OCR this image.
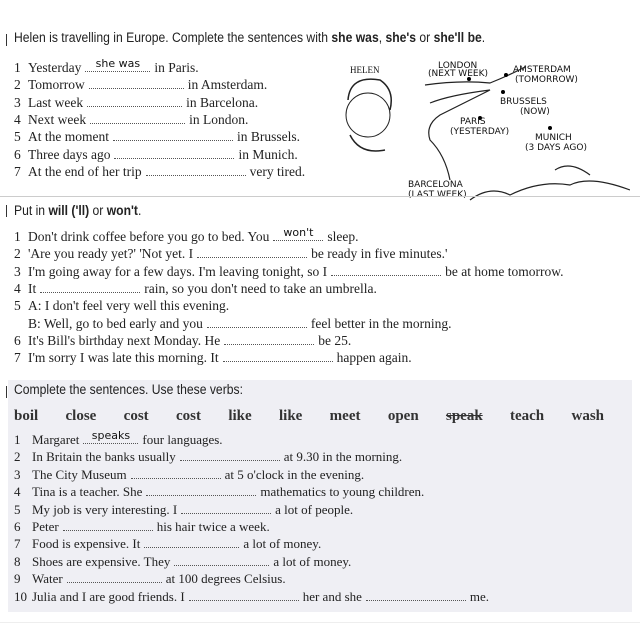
Helen is travelling in Europe. Complete the sentences with she was, she's or she'll be.
1 Yesterday	she was	in Paris.
2 Tomorrow	in Amsterdam.
3 Last week	in Barcelona.
4 Next week	in London.
5 At the moment	in Brussels.
6 Three days ago	in Munich.
7 At the end of her trip	very tired.
HELEN	LONDON
(NEXT WEEK)	AMSTERDAM
(TOMORROW)
BRUSSELS
(NOW)
PARIS
(YESTERDAY)
MUNICH
(3 DAYS AGO)
BARCELONA
(LAST WEEK)
Put in will ('ll) or won't.
1 Don't drink coffee before you go to bed. You	won't	sleep.
2 'Are you ready yet?' 'Not yet. I	be ready in five minutes.'
3 I'm going away for a few days. I'm leaving tonight, so I	be at home tomorrow.
4 It	rain, so you don't need to take an umbrella.
5 A: I don't feel very well this evening.
B: Well, go to bed early and you	feel better in the morning.
6 It's Bill's birthday next Monday. He	be 25.
7 I'm sorry I was late this morning. It	happen again.
Complete the sentences. Use these verbs:
boil close cost cost like like meet open speak teach wash
1 Margaret	speaks four languages.
2 In Britain the banks usually	at 9.30 in the morning.
3 The City Museum	at 5 o'clock in the evening.
4 Tina is a teacher. She	mathematics to young children.
5 My job is very interesting. I	a lot of people.
6 Peter	his hair twice a week.
7 Food is expensive. It	a lot of money.
8 Shoes are expensive. They	a lot of money.
9 Water	at 100 degrees Celsius.
10 Julia and I are good friends. I	her and she	me.
